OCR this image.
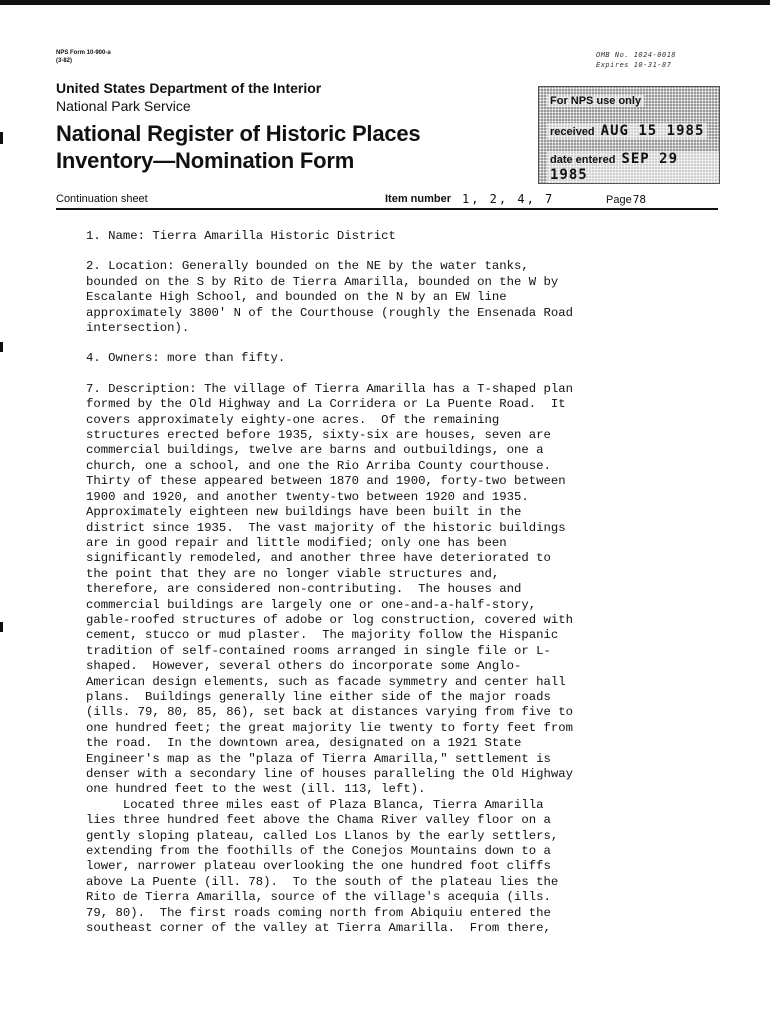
NPS Form 10-900-a
(3-82)
OMB No. 1024-0018
Expires 10-31-87
United States Department of the Interior
National Park Service
National Register of Historic Places
Inventory—Nomination Form
For NPS use only
received AUG 15 1985
date entered SEP 29 1985
Continuation sheet	Item number 1, 2, 4, 7	Page78
1. Name: Tierra Amarilla Historic District
2. Location: Generally bounded on the NE by the water tanks,
bounded on the S by Rito de Tierra Amarilla, bounded on the W by
Escalante High School, and bounded on the N by an EW line
approximately 3800' N of the Courthouse (roughly the Ensenada Road
intersection).
4. Owners: more than fifty.
7. Description: The village of Tierra Amarilla has a T-shaped plan
formed by the Old Highway and La Corridera or La Puente Road.  It
covers approximately eighty-one acres.  Of the remaining
structures erected before 1935, sixty-six are houses, seven are
commercial buildings, twelve are barns and outbuildings, one a
church, one a school, and one the Rio Arriba County courthouse.
Thirty of these appeared between 1870 and 1900, forty-two between
1900 and 1920, and another twenty-two between 1920 and 1935.
Approximately eighteen new buildings have been built in the
district since 1935.  The vast majority of the historic buildings
are in good repair and little modified; only one has been
significantly remodeled, and another three have deteriorated to
the point that they are no longer viable structures and,
therefore, are considered non-contributing.  The houses and
commercial buildings are largely one or one-and-a-half-story,
gable-roofed structures of adobe or log construction, covered with
cement, stucco or mud plaster.  The majority follow the Hispanic
tradition of self-contained rooms arranged in single file or L-
shaped.  However, several others do incorporate some Anglo-
American design elements, such as facade symmetry and center hall
plans.  Buildings generally line either side of the major roads
(ills. 79, 80, 85, 86), set back at distances varying from five to
one hundred feet; the great majority lie twenty to forty feet from
the road.  In the downtown area, designated on a 1921 State
Engineer's map as the "plaza of Tierra Amarilla," settlement is
denser with a secondary line of houses paralleling the Old Highway
one hundred feet to the west (ill. 113, left).
Located three miles east of Plaza Blanca, Tierra Amarilla
lies three hundred feet above the Chama River valley floor on a
gently sloping plateau, called Los Llanos by the early settlers,
extending from the foothills of the Conejos Mountains down to a
lower, narrower plateau overlooking the one hundred foot cliffs
above La Puente (ill. 78).  To the south of the plateau lies the
Rito de Tierra Amarilla, source of the village's acequia (ills.
79, 80).  The first roads coming north from Abiquiu entered the
southeast corner of the valley at Tierra Amarilla.  From there,
